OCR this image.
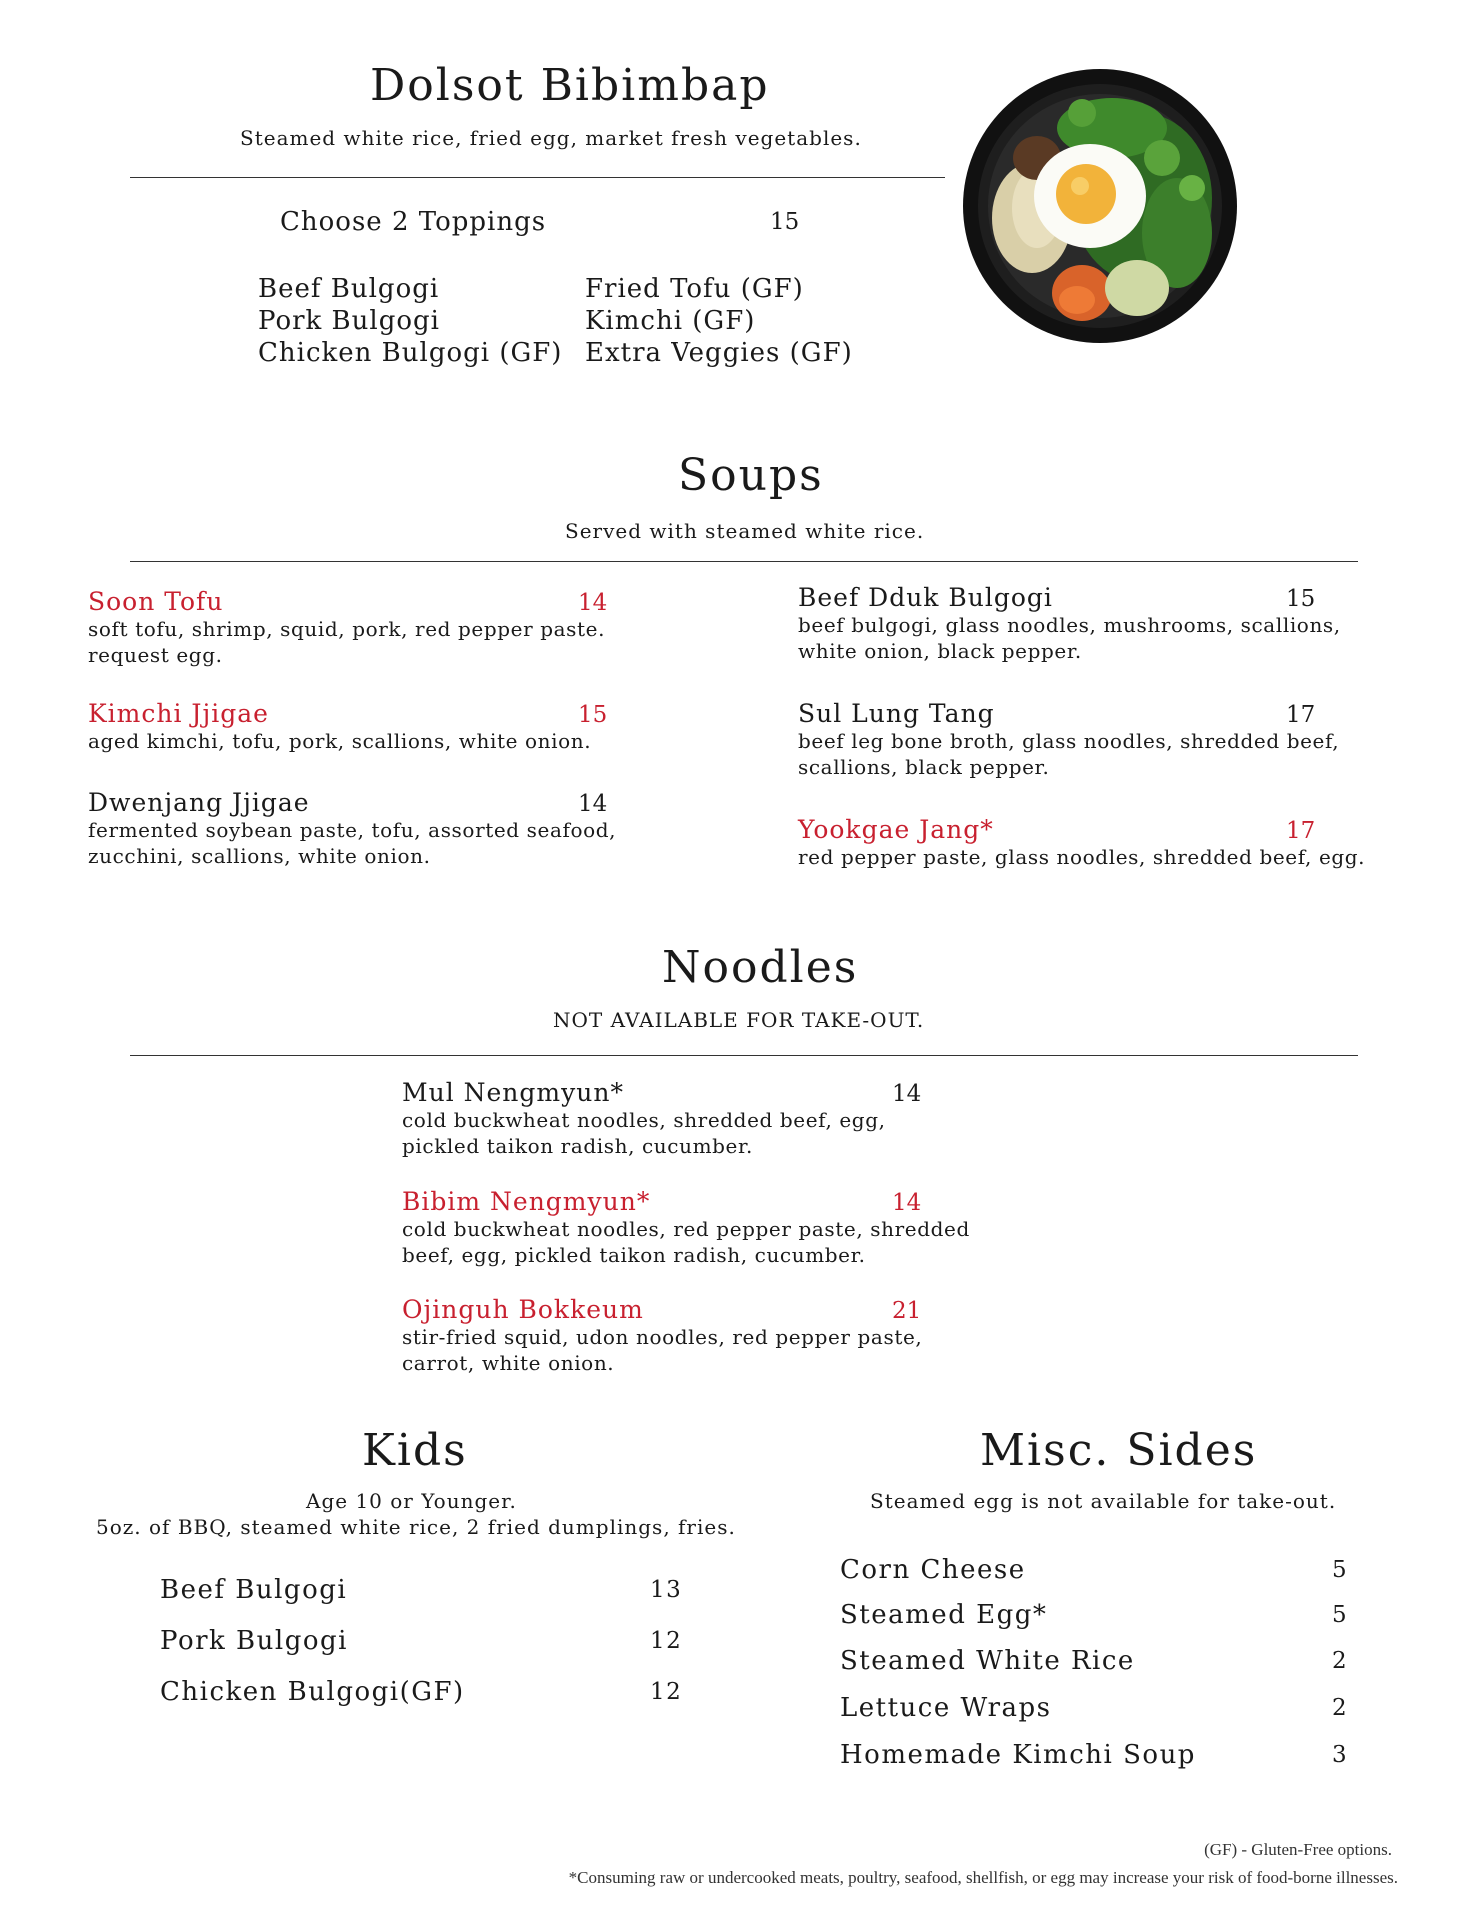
Dolsot Bibimbap
Steamed white rice, fried egg, market fresh vegetables.
Choose 2 Toppings	15
Beef Bulgogi
Pork Bulgogi
Chicken Bulgogi (GF)
Fried Tofu (GF)
Kimchi (GF)
Extra Veggies (GF)
Soups
Served with steamed white rice.
Soon Tofu	14
soft tofu, shrimp, squid, pork, red pepper paste. request egg.
Kimchi Jjigae	15
aged kimchi, tofu, pork, scallions, white onion.
Dwenjang Jjigae	14
fermented soybean paste, tofu, assorted seafood, zucchini, scallions, white onion.
Beef Dduk Bulgogi	15
beef bulgogi, glass noodles, mushrooms, scallions, white onion, black pepper.
Sul Lung Tang	17
beef leg bone broth, glass noodles, shredded beef, scallions, black pepper.
Yookgae Jang*	17
red pepper paste, glass noodles, shredded beef, egg.
Noodles
NOT AVAILABLE FOR TAKE-OUT.
Mul Nengmyun*	14
cold buckwheat noodles, shredded beef, egg, pickled taikon radish, cucumber.
Bibim Nengmyun*	14
cold buckwheat noodles, red pepper paste, shredded beef, egg, pickled taikon radish, cucumber.
Ojinguh Bokkeum	21
stir-fried squid, udon noodles, red pepper paste, carrot, white onion.
Kids
Age 10 or Younger.
5oz. of BBQ, steamed white rice, 2 fried dumplings, fries.
Beef Bulgogi	13
Pork Bulgogi	12
Chicken Bulgogi(GF)	12
Misc. Sides
Steamed egg is not available for take-out.
Corn Cheese	5
Steamed Egg*	5
Steamed White Rice	2
Lettuce Wraps	2
Homemade Kimchi Soup	3
(GF) - Gluten-Free options.
*Consuming raw or undercooked meats, poultry, seafood, shellfish, or egg may increase your risk of food-borne illnesses.
